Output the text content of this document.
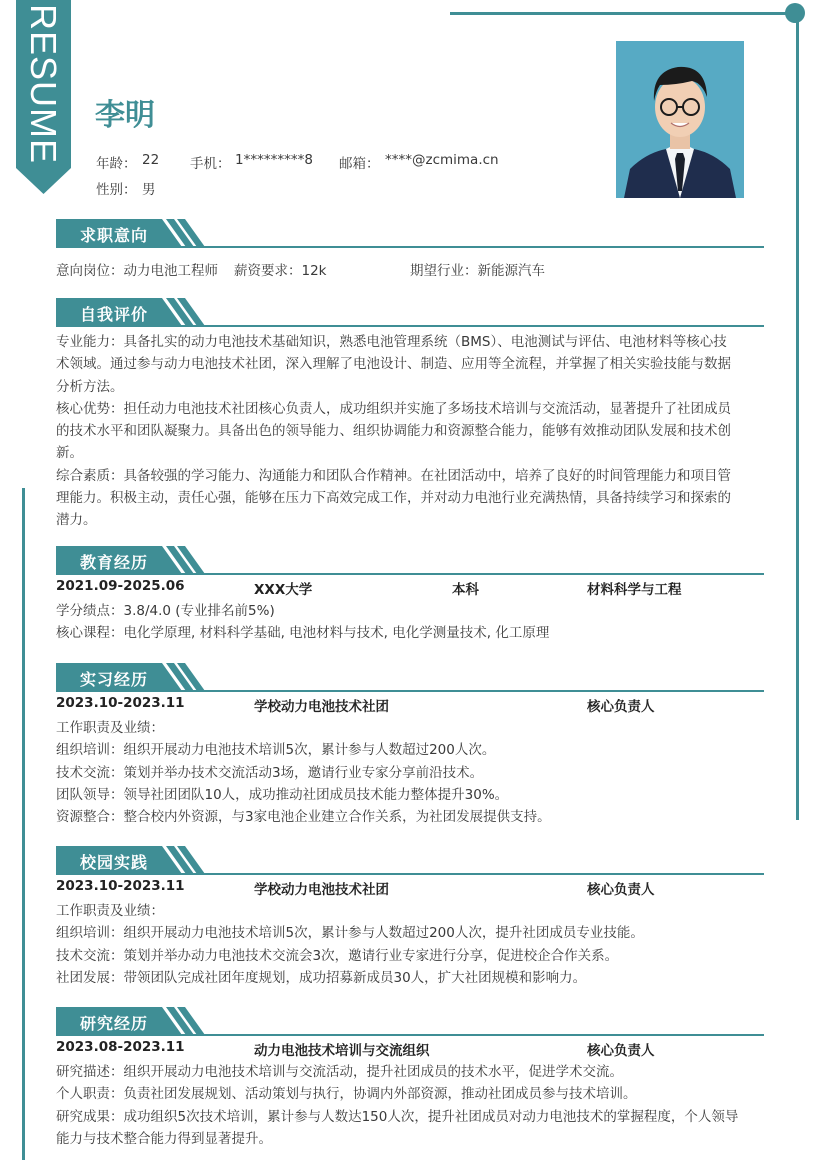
RESUME 李明
年龄： 22 手机： 1*********8 邮箱： ****@zcmima.cn
性别： 男
求职意向
意向岗位：动力电池工程师 薪资要求：12k	期望行业：新能源汽车
自我评价
专业能力：具备扎实的动力电池技术基础知识，熟悉电池管理系统（BMS）、电池测试与评估、电池材料等核心技
术领域。通过参与动力电池技术社团，深入理解了电池设计、制造、应用等全流程，并掌握了相关实验技能与数据
分析方法。
核心优势：担任动力电池技术社团核心负责人，成功组织并实施了多场技术培训与交流活动，显著提升了社团成员
的技术水平和团队凝聚力。具备出色的领导能力、组织协调能力和资源整合能力，能够有效推动团队发展和技术创
新。
综合素质：具备较强的学习能力、沟通能力和团队合作精神。在社团活动中，培养了良好的时间管理能力和项目管
理能力。积极主动，责任心强，能够在压力下高效完成工作，并对动力电池行业充满热情，具备持续学习和探索的
潜力。
教育经历
2021.09-2025.06	XXX大学	本科	材料科学与工程
学分绩点：3.8/4.0 (专业排名前5%)
核心课程：电化学原理, 材料科学基础, 电池材料与技术, 电化学测量技术, 化工原理
实习经历
2023.10-2023.11	学校动力电池技术社团	核心负责人
工作职责及业绩：
组织培训：组织开展动力电池技术培训5次，累计参与人数超过200人次。
技术交流：策划并举办技术交流活动3场，邀请行业专家分享前沿技术。
团队领导：领导社团团队10人，成功推动社团成员技术能力整体提升30%。
资源整合：整合校内外资源，与3家电池企业建立合作关系，为社团发展提供支持。
校园实践
2023.10-2023.11	学校动力电池技术社团	核心负责人
工作职责及业绩：
组织培训：组织开展动力电池技术培训5次，累计参与人数超过200人次，提升社团成员专业技能。
技术交流：策划并举办动力电池技术交流会3次，邀请行业专家进行分享，促进校企合作关系。
社团发展：带领团队完成社团年度规划，成功招募新成员30人，扩大社团规模和影响力。
研究经历
2023.08-2023.11	动力电池技术培训与交流组织	核心负责人
研究描述：组织开展动力电池技术培训与交流活动，提升社团成员的技术水平，促进学术交流。
个人职责：负责社团发展规划、活动策划与执行，协调内外部资源，推动社团成员参与技术培训。
研究成果：成功组织5次技术培训，累计参与人数达150人次，提升社团成员对动力电池技术的掌握程度，个人领导
能力与技术整合能力得到显著提升。
